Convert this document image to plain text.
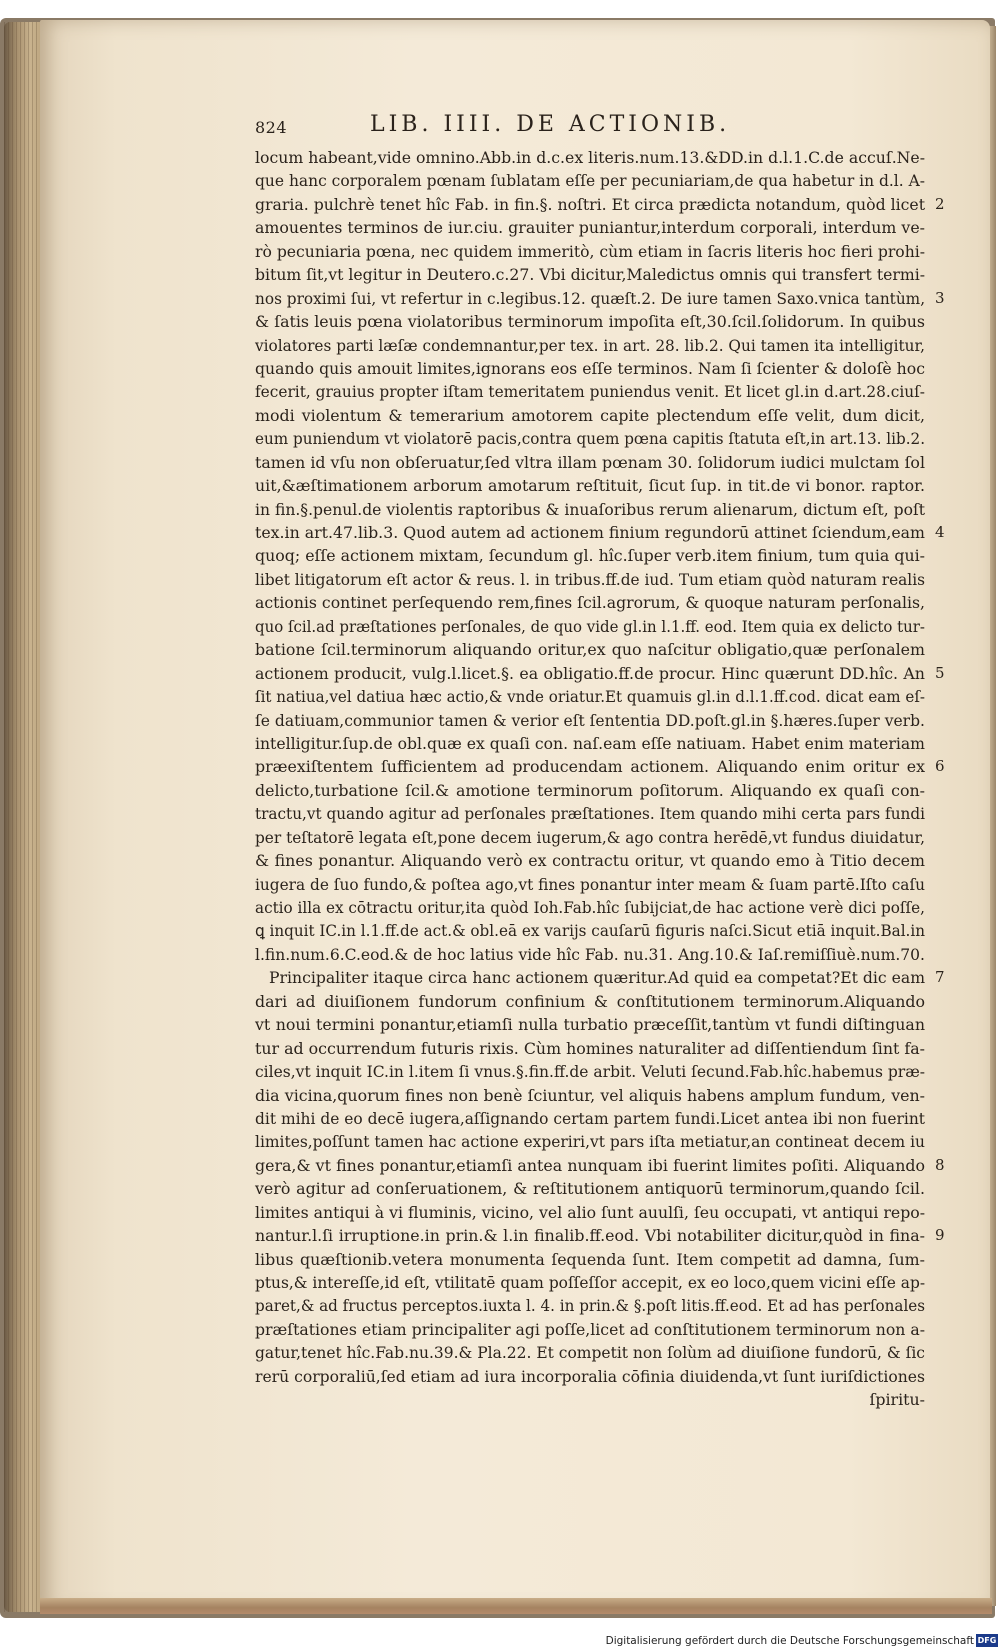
824	LIB. IIII. DE ACTIONIB.
locum habeant,vide omnino.Abb.in d.c.ex literis.num.13.&DD.in d.l.1.C.de accuſ.Ne-
que hanc corporalem pœnam ſublatam eſſe per pecuniariam,de qua habetur in d.l. A-
graria. pulchrè tenet hîc Fab. in fin.§. noſtri. Et circa prædicta notandum, quòd licet 2
amouentes terminos de iur.ciu. grauiter puniantur,interdum corporali, interdum ve-
rò pecuniaria pœna, nec quidem immeritò, cùm etiam in ſacris literis hoc fieri prohi-
bitum ſit,vt legitur in Deutero.c.27. Vbi dicitur,Maledictus omnis qui transfert termi-
nos proximi ſui, vt refertur in c.legibus.12. quæſt.2. De iure tamen Saxo.vnica tantùm, 3
& ſatis leuis pœna violatoribus terminorum impoſita eſt,30.ſcil.ſolidorum. In quibus
violatores parti læſæ condemnantur,per tex. in art. 28. lib.2. Qui tamen ita intelligitur,
quando quis amouit limites,ignorans eos eſſe terminos. Nam ſi ſcienter & doloſè hoc
fecerit, grauius propter iſtam temeritatem puniendus venit. Et licet gl.in d.art.28.ciuſ-
modi violentum & temerarium amotorem capite plectendum eſſe velit, dum dicit,
eum puniendum vt violatorē pacis,contra quem pœna capitis ſtatuta eſt,in art.13. lib.2.
tamen id vſu non obſeruatur,ſed vltra illam pœnam 30. ſolidorum iudici mulctam ſol
uit,&æſtimationem arborum amotarum reſtituit, ſicut ſup. in tit.de vi bonor. raptor.
in fin.§.penul.de violentis raptoribus & inuaſoribus rerum alienarum, dictum eſt, poſt
tex.in art.47.lib.3. Quod autem ad actionem finium regundorū attinet ſciendum,eam 4
quoq; eſſe actionem mixtam, ſecundum gl. hîc.ſuper verb.item finium, tum quia qui-
libet litigatorum eſt actor & reus. l. in tribus.ff.de iud. Tum etiam quòd naturam realis
actionis continet perſequendo rem,fines ſcil.agrorum, & quoque naturam perſonalis,
quo ſcil.ad præſtationes perſonales, de quo vide gl.in l.1.ff. eod. Item quia ex delicto tur-
batione ſcil.terminorum aliquando oritur,ex quo naſcitur obligatio,quæ perſonalem
actionem producit, vulg.l.licet.§. ea obligatio.ff.de procur. Hinc quærunt DD.hîc. An 5
ſit natiua,vel datiua hæc actio,& vnde oriatur.Et quamuis gl.in d.l.1.ff.cod. dicat eam eſ-
ſe datiuam,communior tamen & verior eſt ſententia DD.poſt.gl.in §.hæres.ſuper verb.
intelligitur.ſup.de obl.quæ ex quaſi con. naſ.eam eſſe natiuam. Habet enim materiam
præexiſtentem ſufficientem ad producendam actionem. Aliquando enim oritur ex 6
delicto,turbatione ſcil.& amotione terminorum poſitorum. Aliquando ex quaſi con-
tractu,vt quando agitur ad perſonales præſtationes. Item quando mihi certa pars fundi
per teſtatorē legata eſt,pone decem iugerum,& ago contra herēdē,vt fundus diuidatur,
& fines ponantur. Aliquando verò ex contractu oritur, vt quando emo à Titio decem
iugera de ſuo fundo,& poſtea ago,vt fines ponantur inter meam & ſuam partē.Iſto caſu
actio illa ex cōtractu oritur,ita quòd Ioh.Fab.hîc ſubijciat,de hac actione verè dici poſſe,
ꝗ inquit IC.in l.1.ff.de act.& obl.eā ex varijs cauſarū figuris naſci.Sicut etiā inquit.Bal.in
l.fin.num.6.C.eod.& de hoc latius vide hîc Fab. nu.31. Ang.10.& Iaſ.remiſſiuè.num.70.
Principaliter itaque circa hanc actionem quæritur.Ad quid ea competat?Et dic eam 7
dari ad diuiſionem fundorum confinium & conſtitutionem terminorum.Aliquando
vt noui termini ponantur,etiamſi nulla turbatio præceſſit,tantùm vt fundi diſtinguan
tur ad occurrendum futuris rixis. Cùm homines naturaliter ad diſſentiendum ſint fa-
ciles,vt inquit IC.in l.item ſi vnus.§.fin.ff.de arbit. Veluti ſecund.Fab.hîc.habemus præ-
dia vicina,quorum fines non benè ſciuntur, vel aliquis habens amplum fundum, ven-
dit mihi de eo decē iugera,aſſignando certam partem fundi.Licet antea ibi non fuerint
limites,poſſunt tamen hac actione experiri,vt pars iſta metiatur,an contineat decem iu
gera,& vt fines ponantur,etiamſi antea nunquam ibi fuerint limites poſiti. Aliquando 8
verò agitur ad conſeruationem, & reſtitutionem antiquorū terminorum,quando ſcil.
limites antiqui à vi fluminis, vicino, vel alio ſunt auulſi, ſeu occupati, vt antiqui repo-
nantur.l.ſi irruptione.in prin.& l.in finalib.ff.eod. Vbi notabiliter dicitur,quòd in fina- 9
libus quæſtionib.vetera monumenta ſequenda ſunt. Item competit ad damna, ſum-
ptus,& intereſſe,id eſt, vtilitatē quam poſſeſſor accepit, ex eo loco,quem vicini eſſe ap-
paret,& ad fructus perceptos.iuxta l. 4. in prin.& §.poſt litis.ff.eod. Et ad has perſonales
præſtationes etiam principaliter agi poſſe,licet ad conſtitutionem terminorum non a-
gatur,tenet hîc.Fab.nu.39.& Pla.22. Et competit non ſolùm ad diuiſione fundorū, & ſic
rerū corporaliū,ſed etiam ad iura incorporalia cōfinia diuidenda,vt ſunt iuriſdictiones
ſpiritu-
Digitalisierung gefördert durch die Deutsche Forschungsgemeinschaft DFG
